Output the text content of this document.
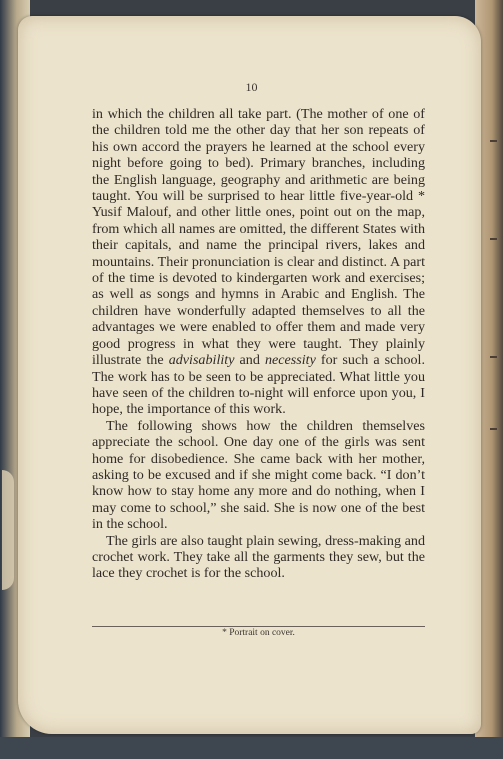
10

in which the children all take part. (The mother of one of the children told me the other day that her son repeats of his own accord the prayers he learned at the school every night before going to bed). Primary branches, including the English language, geography and arithmetic are being taught. You will be surprised to hear little five-year-old * Yusif Malouf, and other little ones, point out on the map, from which all names are omitted, the different States with their capitals, and name the principal rivers, lakes and mountains. Their pronunciation is clear and distinct. A part of the time is devoted to kindergarten work and exercises; as well as songs and hymns in Arabic and English. The children have wonderfully adapted themselves to all the advantages we were enabled to offer them and made very good progress in what they were taught. They plainly illustrate the advisability and necessity for such a school. The work has to be seen to be appreciated. What little you have seen of the children to-night will enforce upon you, I hope, the importance of this work.

The following shows how the children themselves appreciate the school. One day one of the girls was sent home for disobedience. She came back with her mother, asking to be excused and if she might come back. “I don’t know how to stay home any more and do nothing, when I may come to school,” she said. She is now one of the best in the school.

The girls are also taught plain sewing, dress-making and crochet work. They take all the garments they sew, but the lace they crochet is for the school.

* Portrait on cover.
